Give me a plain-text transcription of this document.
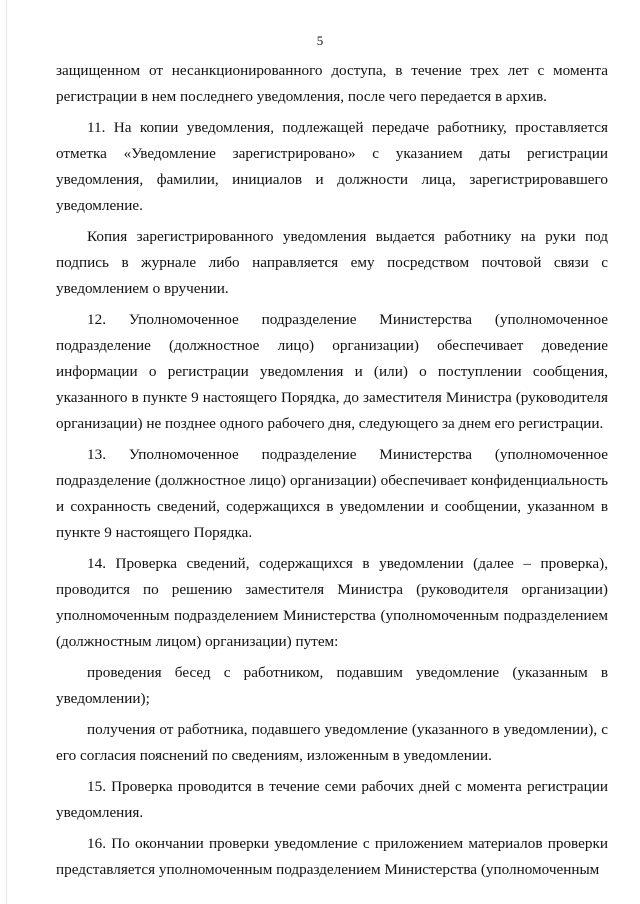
5

защищенном от несанкционированного доступа, в течение трех лет с момента регистрации в нем последнего уведомления, после чего передается в архив.

11. На копии уведомления, подлежащей передаче работнику, проставляется отметка «Уведомление зарегистрировано» с указанием даты регистрации уведомления, фамилии, инициалов и должности лица, зарегистрировавшего уведомление.

Копия зарегистрированного уведомления выдается работнику на руки под подпись в журнале либо направляется ему посредством почтовой связи с уведомлением о вручении.

12. Уполномоченное подразделение Министерства (уполномоченное подразделение (должностное лицо) организации) обеспечивает доведение информации о регистрации уведомления и (или) о поступлении сообщения, указанного в пункте 9 настоящего Порядка, до заместителя Министра (руководителя организации) не позднее одного рабочего дня, следующего за днем его регистрации.

13. Уполномоченное подразделение Министерства (уполномоченное подразделение (должностное лицо) организации) обеспечивает конфиденциальность и сохранность сведений, содержащихся в уведомлении и сообщении, указанном в пункте 9 настоящего Порядка.

14. Проверка сведений, содержащихся в уведомлении (далее – проверка), проводится по решению заместителя Министра (руководителя организации) уполномоченным подразделением Министерства (уполномоченным подразделением (должностным лицом) организации) путем:

проведения бесед с работником, подавшим уведомление (указанным в уведомлении);

получения от работника, подавшего уведомление (указанного в уведомлении), с его согласия пояснений по сведениям, изложенным в уведомлении.

15. Проверка проводится в течение семи рабочих дней с момента регистрации уведомления.

16. По окончании проверки уведомление с приложением материалов проверки представляется уполномоченным подразделением Министерства (уполномоченным
